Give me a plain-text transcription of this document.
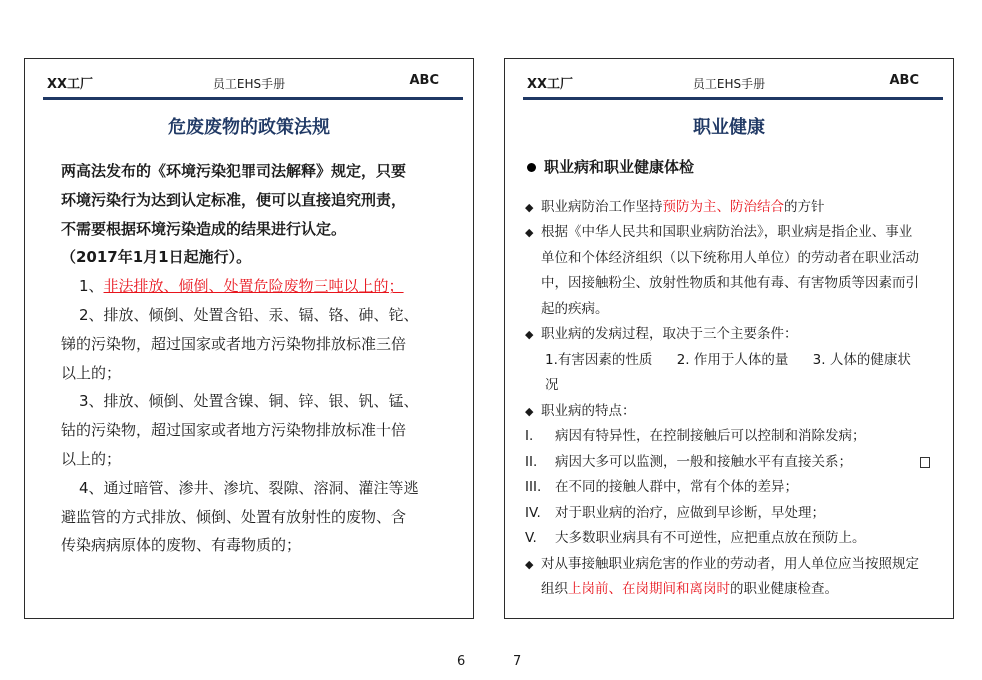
XX工厂	员工EHS手册	ABC
危废废物的政策法规
两高法发布的《环境污染犯罪司法解释》规定，只要
环境污染行为达到认定标准，便可以直接追究刑责，
不需要根据环境污染造成的结果进行认定。
（2017年1月1日起施行）。
1、非法排放、倾倒、处置危险废物三吨以上的；
2、排放、倾倒、处置含铅、汞、镉、铬、砷、铊、
锑的污染物，超过国家或者地方污染物排放标准三倍
以上的；
3、排放、倾倒、处置含镍、铜、锌、银、钒、锰、
钴的污染物，超过国家或者地方污染物排放标准十倍
以上的；
4、通过暗管、渗井、渗坑、裂隙、溶洞、灌注等逃
避监管的方式排放、倾倒、处置有放射性的废物、含
传染病病原体的废物、有毒物质的；
XX工厂	员工EHS手册	ABC
职业健康
职业病和职业健康体检
◆ 职业病防治工作坚持预防为主、防治结合的方针
◆ 根据《中华人民共和国职业病防治法》，职业病是指企业、事业
单位和个体经济组织（以下统称用人单位）的劳动者在职业活动
中，因接触粉尘、放射性物质和其他有毒、有害物质等因素而引
起的疾病。
◆ 职业病的发病过程，取决于三个主要条件：
1.有害因素的性质 2. 作用于人体的量 3. 人体的健康状况
◆ 职业病的特点：
I.	病因有特异性，在控制接触后可以控制和消除发病；
II.	病因大多可以监测，一般和接触水平有直接关系；
III.	在不同的接触人群中，常有个体的差异；
IV.	对于职业病的治疗，应做到早诊断，早处理；
V.	大多数职业病具有不可逆性，应把重点放在预防上。
◆ 对从事接触职业病危害的作业的劳动者，用人单位应当按照规定
组织上岗前、在岗期间和离岗时的职业健康检查。
6	7
